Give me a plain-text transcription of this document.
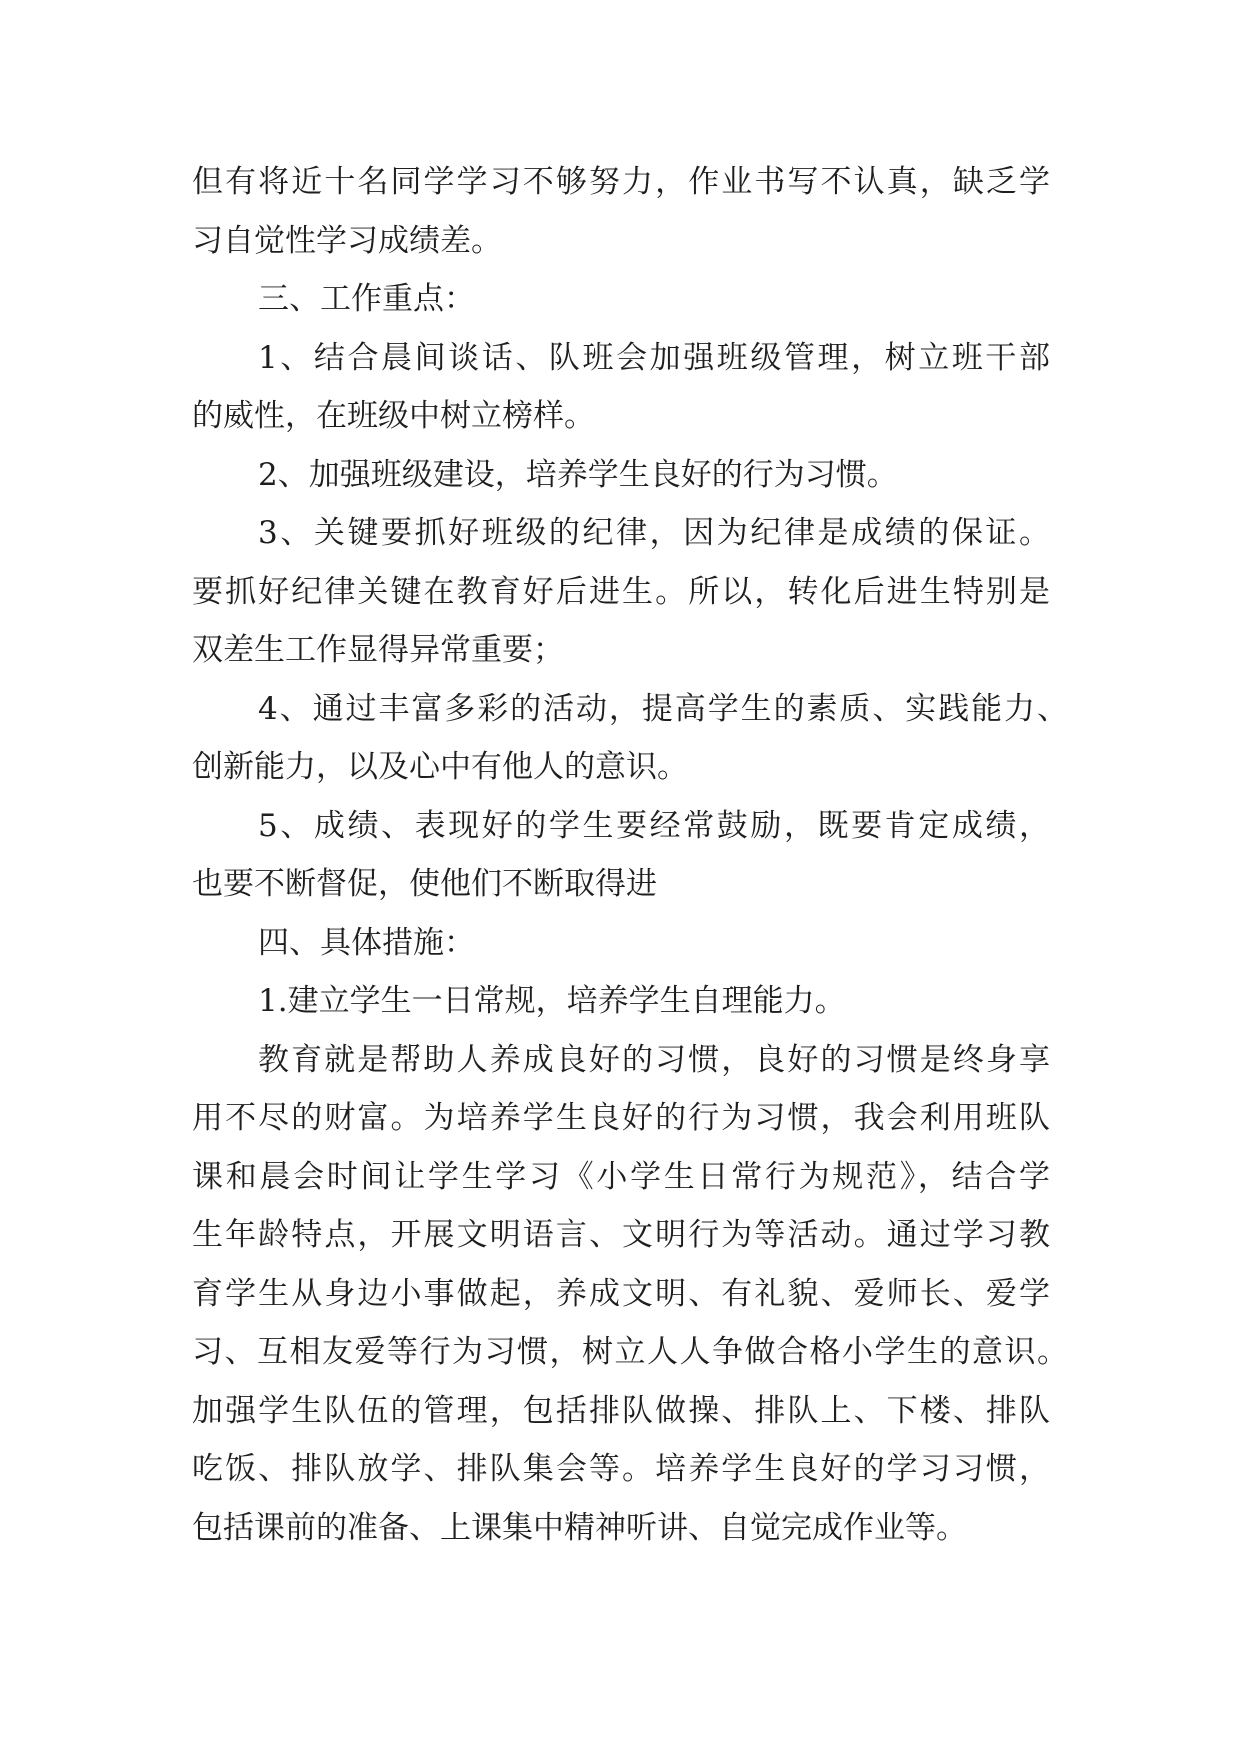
但有将近十名同学学习不够努力，作业书写不认真，缺乏学
习自觉性学习成绩差。
三、工作重点：
1、结合晨间谈话、队班会加强班级管理，树立班干部
的威性，在班级中树立榜样。
2、加强班级建设，培养学生良好的行为习惯。
3、关键要抓好班级的纪律，因为纪律是成绩的保证。
要抓好纪律关键在教育好后进生。所以，转化后进生特别是
双差生工作显得异常重要；
4、通过丰富多彩的活动，提高学生的素质、实践能力、
创新能力，以及心中有他人的意识。
5、成绩、表现好的学生要经常鼓励，既要肯定成绩，
也要不断督促，使他们不断取得进
四、具体措施：
1.建立学生一日常规，培养学生自理能力。
教育就是帮助人养成良好的习惯，良好的习惯是终身享
用不尽的财富。为培养学生良好的行为习惯，我会利用班队
课和晨会时间让学生学习《小学生日常行为规范》，结合学
生年龄特点，开展文明语言、文明行为等活动。通过学习教
育学生从身边小事做起，养成文明、有礼貌、爱师长、爱学
习、互相友爱等行为习惯，树立人人争做合格小学生的意识。
加强学生队伍的管理，包括排队做操、排队上、下楼、排队
吃饭、排队放学、排队集会等。培养学生良好的学习习惯，
包括课前的准备、上课集中精神听讲、自觉完成作业等。
